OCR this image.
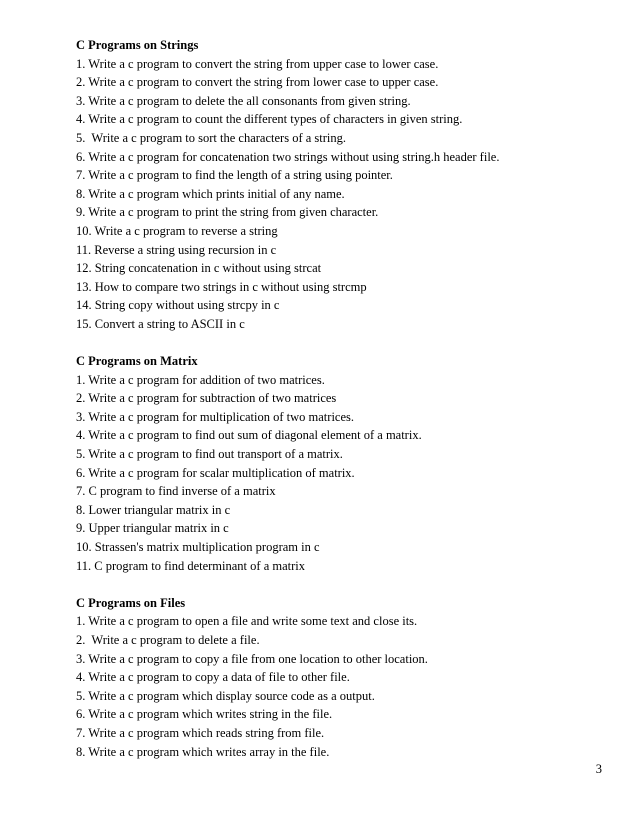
C Programs on Strings
1. Write a c program to convert the string from upper case to lower case.
2. Write a c program to convert the string from lower case to upper case.
3. Write a c program to delete the all consonants from given string.
4. Write a c program to count the different types of characters in given string.
5.  Write a c program to sort the characters of a string.
6. Write a c program for concatenation two strings without using string.h header file.
7. Write a c program to find the length of a string using pointer.
8. Write a c program which prints initial of any name.
9. Write a c program to print the string from given character.
10. Write a c program to reverse a string
11. Reverse a string using recursion in c
12. String concatenation in c without using strcat
13. How to compare two strings in c without using strcmp
14. String copy without using strcpy in c
15. Convert a string to ASCII in c
C Programs on Matrix
1. Write a c program for addition of two matrices.
2. Write a c program for subtraction of two matrices
3. Write a c program for multiplication of two matrices.
4. Write a c program to find out sum of diagonal element of a matrix.
5. Write a c program to find out transport of a matrix.
6. Write a c program for scalar multiplication of matrix.
7. C program to find inverse of a matrix
8. Lower triangular matrix in c
9. Upper triangular matrix in c
10. Strassen's matrix multiplication program in c
11. C program to find determinant of a matrix
C Programs on Files
1. Write a c program to open a file and write some text and close its.
2.  Write a c program to delete a file.
3. Write a c program to copy a file from one location to other location.
4. Write a c program to copy a data of file to other file.
5. Write a c program which display source code as a output.
6. Write a c program which writes string in the file.
7. Write a c program which reads string from file.
8. Write a c program which writes array in the file.
3
